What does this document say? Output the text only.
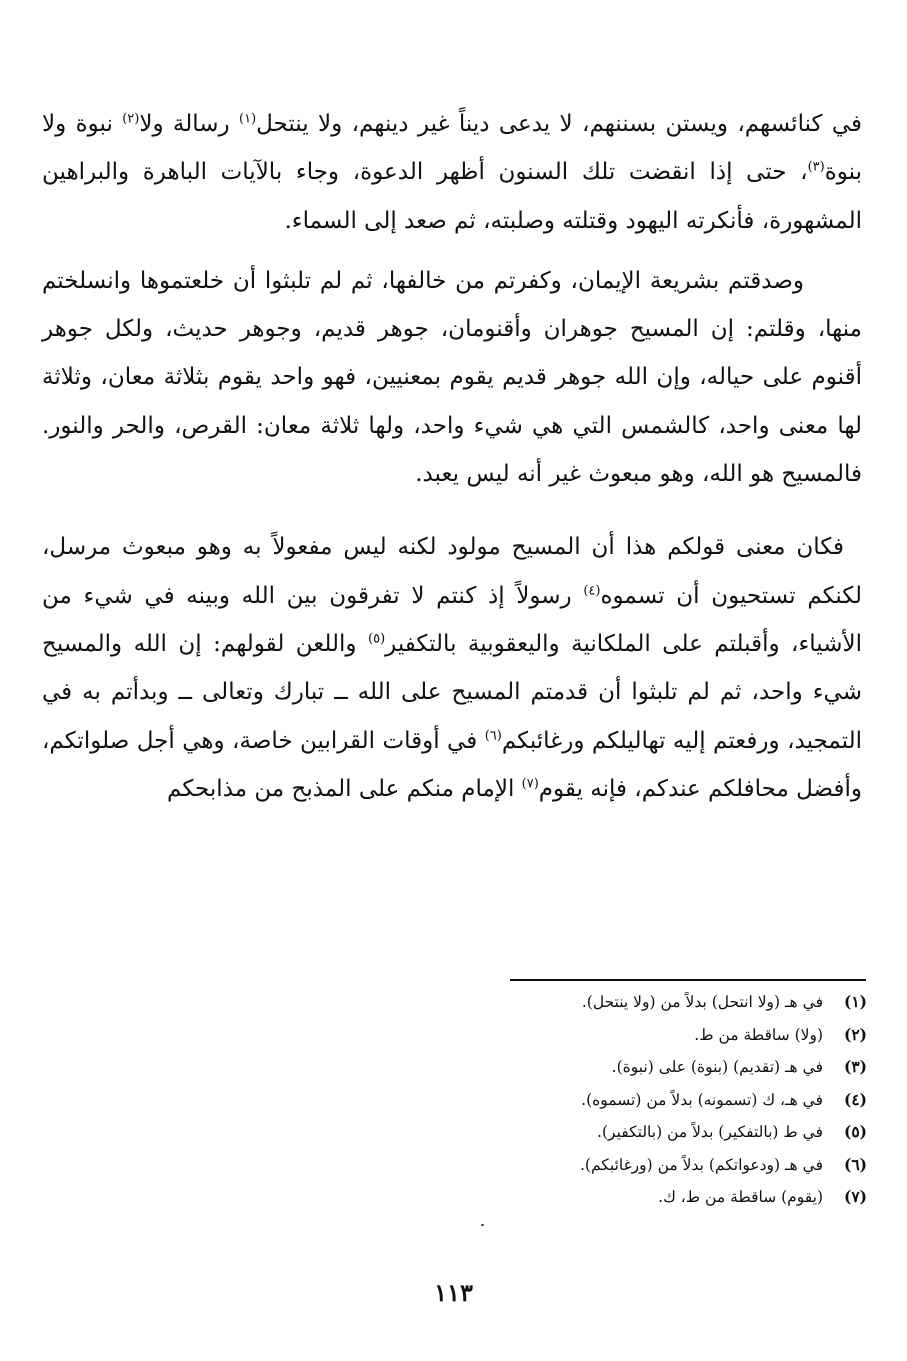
في كنائسهم، ويستن بسننهم، لا يدعى ديناً غير دينهم، ولا ينتحل$^{(١)}$ رسالة ولا$^{(٢)}$ نبوة ولا بنوة$^{(٣)}$، حتى إذا انقضت تلك السنون أظهر الدعوة، وجاء بالآيات الباهرة والبراهين المشهورة، فأنكرته اليهود وقتلته وصلبته، ثم صعد إلى السماء.

وصدقتم بشريعة الإيمان، وكفرتم من خالفها، ثم لم تلبثوا أن خلعتموها وانسلختم منها، وقلتم: إن المسيح جوهران وأقنومان، جوهر قديم، وجوهر حديث، ولكل جوهر أقنوم على حياله، وإن الله جوهر قديم يقوم بمعنيين، فهو واحد يقوم بثلاثة معان، وثلاثة لها معنى واحد، كالشمس التي هي شيء واحد، ولها ثلاثة معان: القرص، والحر والنور. فالمسيح هو الله، وهو مبعوث غير أنه ليس يعبد.

فكان معنى قولكم هذا أن المسيح مولود لكنه ليس مفعولاً به وهو مبعوث مرسل، لكنكم تستحيون أن تسموه$^{(٤)}$ رسولاً إذ كنتم لا تفرقون بين الله وبينه في شيء من الأشياء، وأقبلتم على الملكانية واليعقوبية بالتكفير$^{(٥)}$ واللعن لقولهم: إن الله والمسيح شيء واحد، ثم لم تلبثوا أن قدمتم المسيح على الله ــ تبارك وتعالى ــ وبدأتم به في التمجيد، ورفعتم إليه تهاليلكم ورغائبكم$^{(٦)}$ في أوقات القرابين خاصة، وهي أجل صلواتكم، وأفضل محافلكم عندكم، فإنه يقوم$^{(٧)}$ الإمام منكم على المذبح من مذابحكم

(١)في هـ (ولا انتحل) بدلاً من (ولا ينتحل).
(٢)(ولا) ساقطة من ط.
(٣)في هـ (تقديم) (بنوة) على (نبوة).
(٤)في هـ، ك (تسمونه) بدلاً من (تسموه).
(٥)في ط (بالتفكير) بدلاً من (بالتكفير).
(٦)في هـ (ودعواتكم) بدلاً من (ورغائبكم).
(٧)(يقوم) ساقطة من ط، ك.
١١٣
